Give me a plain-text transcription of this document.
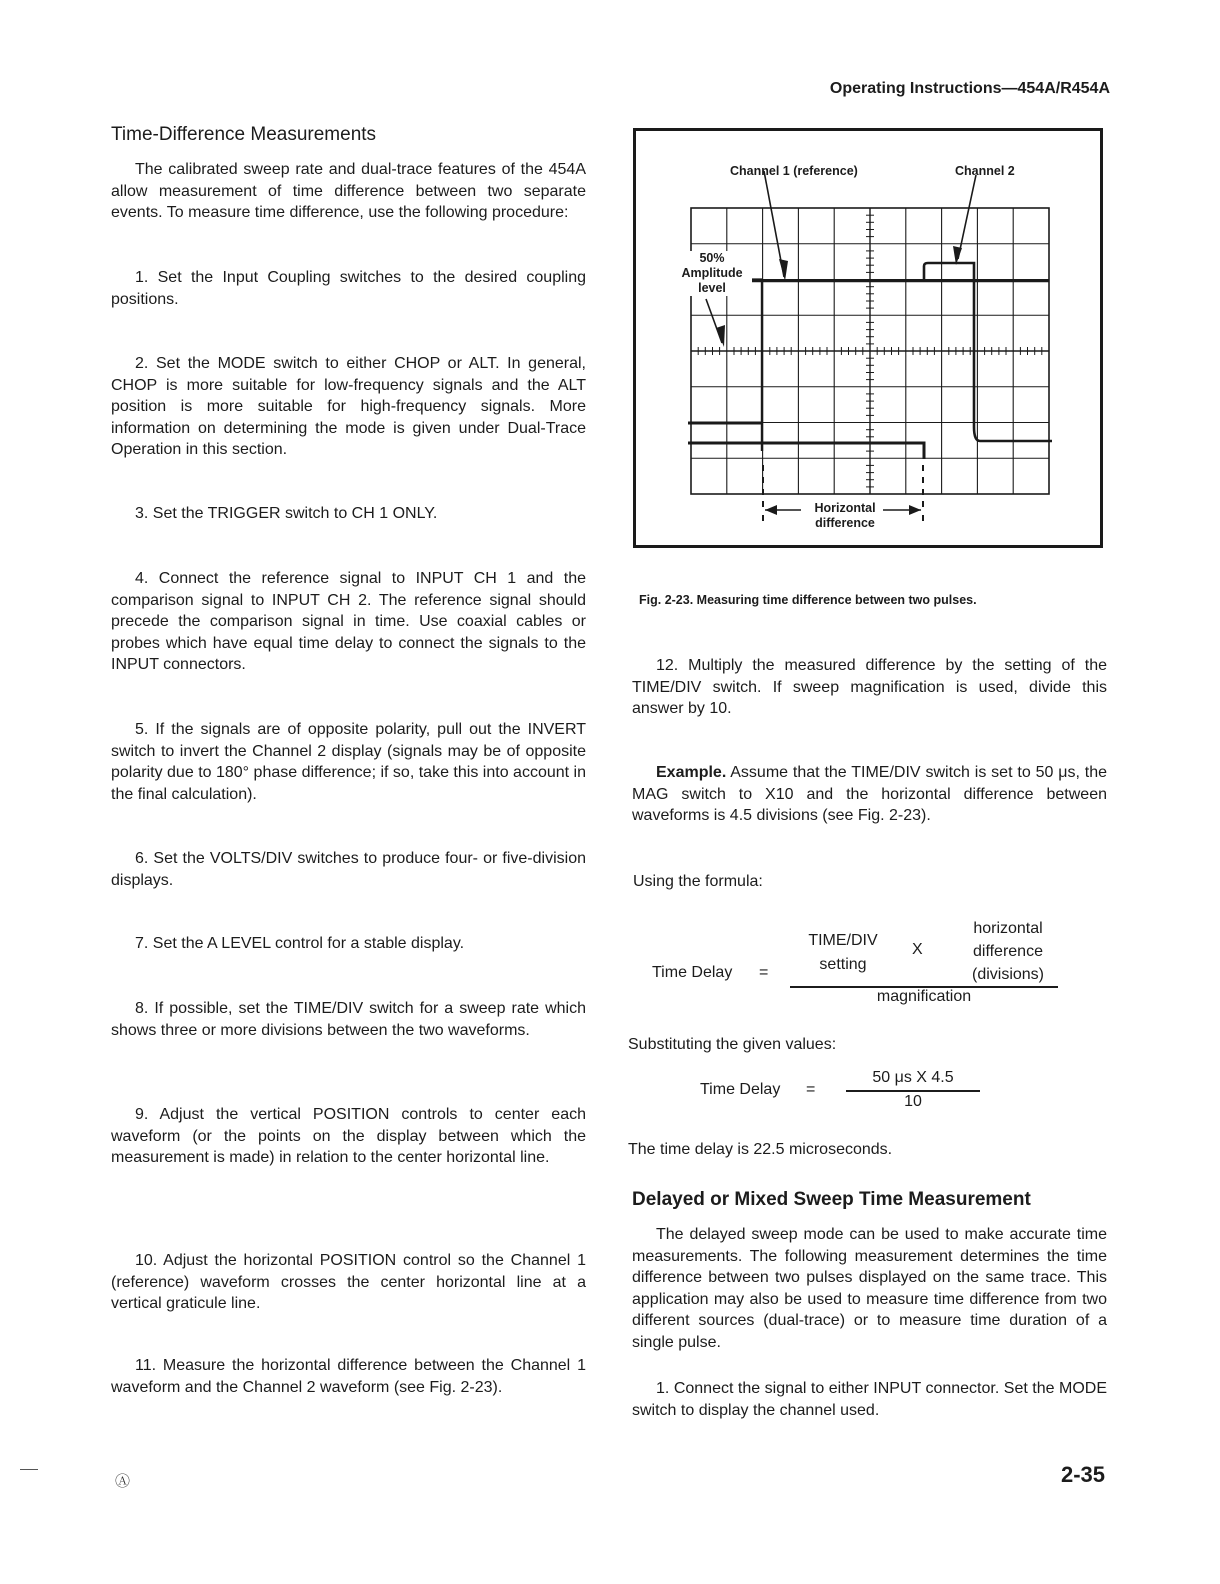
Operating Instructions—454A/R454A
Time-Difference Measurements

The calibrated sweep rate and dual-trace features of the 454A allow measurement of time difference between two separate events. To measure time difference, use the following procedure:

1. Set the Input Coupling switches to the desired coupling positions.

2. Set the MODE switch to either CHOP or ALT. In general, CHOP is more suitable for low-frequency signals and the ALT position is more suitable for high-frequency signals. More information on determining the mode is given under Dual-Trace Operation in this section.

3. Set the TRIGGER switch to CH 1 ONLY.

4. Connect the reference signal to INPUT CH 1 and the comparison signal to INPUT CH 2. The reference signal should precede the comparison signal in time. Use coaxial cables or probes which have equal time delay to connect the signals to the INPUT connectors.

5. If the signals are of opposite polarity, pull out the INVERT switch to invert the Channel 2 display (signals may be of opposite polarity due to 180° phase difference; if so, take this into account in the final calculation).

6. Set the VOLTS/DIV switches to produce four- or five-division displays.

7. Set the A LEVEL control for a stable display.

8. If possible, set the TIME/DIV switch for a sweep rate which shows three or more divisions between the two waveforms.

9. Adjust the vertical POSITION controls to center each waveform (or the points on the display between which the measurement is made) in relation to the center horizontal line.

10. Adjust the horizontal POSITION control so the Channel 1 (reference) waveform crosses the center horizontal line at a vertical graticule line.

11. Measure the horizontal difference between the Channel 1 waveform and the Channel 2 waveform (see Fig. 2-23).

Channel 1 (reference)	Channel 2
50%
Amplitude
level
Horizontal
difference
Fig. 2-23. Measuring time difference between two pulses.

12. Multiply the measured difference by the setting of the TIME/DIV switch. If sweep magnification is used, divide this answer by 10.

Example. Assume that the TIME/DIV switch is set to 50 μs, the MAG switch to X10 and the horizontal difference between waveforms is 4.5 divisions (see Fig. 2-23).

Using the formula:
Time Delay =
TIME/DIV
setting
X
horizontal
difference
(divisions)
magnification
Substituting the given values:
Time Delay =
50 μs X 4.5
10
The time delay is 22.5 microseconds.
Delayed or Mixed Sweep Time Measurement

The delayed sweep mode can be used to make accurate time measurements. The following measurement determines the time difference between two pulses displayed on the same trace. This application may also be used to measure time difference from two different sources (dual-trace) or to measure time duration of a single pulse.

1. Connect the signal to either INPUT connector. Set the MODE switch to display the channel used.

Ⓐ	2-35
